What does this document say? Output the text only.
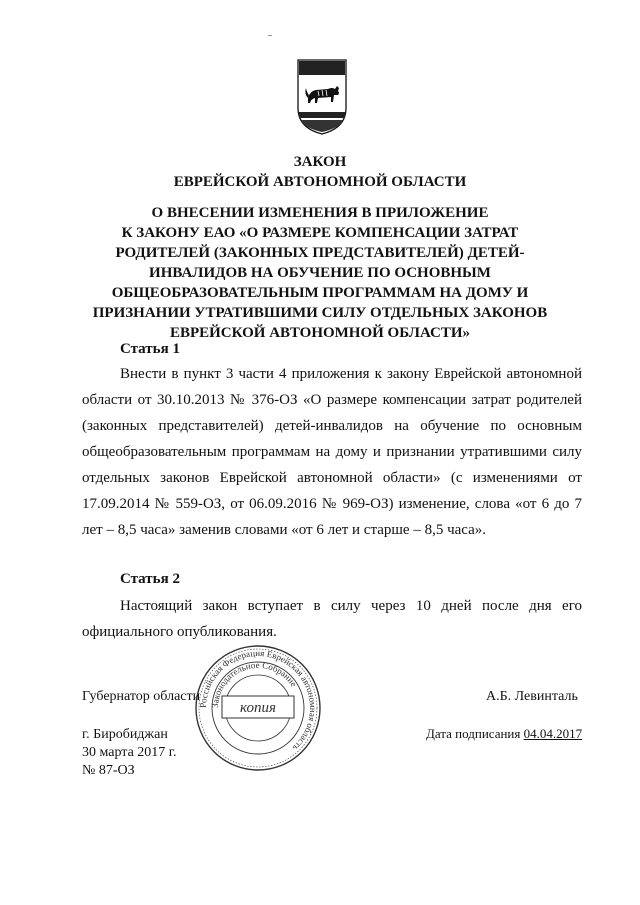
ЗАКОН
ЕВРЕЙСКОЙ АВТОНОМНОЙ ОБЛАСТИ
О ВНЕСЕНИИ ИЗМЕНЕНИЯ В ПРИЛОЖЕНИЕ
К ЗАКОНУ ЕАО «О РАЗМЕРЕ КОМПЕНСАЦИИ ЗАТРАТ
РОДИТЕЛЕЙ (ЗАКОННЫХ ПРЕДСТАВИТЕЛЕЙ) ДЕТЕЙ-
ИНВАЛИДОВ НА ОБУЧЕНИЕ ПО ОСНОВНЫМ
ОБЩЕОБРАЗОВАТЕЛЬНЫМ ПРОГРАММАМ НА ДОМУ И
ПРИЗНАНИИ УТРАТИВШИМИ СИЛУ ОТДЕЛЬНЫХ ЗАКОНОВ
ЕВРЕЙСКОЙ АВТОНОМНОЙ ОБЛАСТИ»
Статья 1
Внести в пункт 3 части 4 приложения к закону Еврейской автономной
области от 30.10.2013 № 376-ОЗ «О размере компенсации затрат родителей
(законных представителей) детей-инвалидов на обучение по основным
общеобразовательным программам на дому и признании утратившими силу
отдельных законов Еврейской автономной области» (с изменениями от
17.09.2014 № 559-ОЗ, от 06.09.2016 № 969-ОЗ) изменение, слова «от 6 до 7
лет – 8,5 часа» заменив словами «от 6 лет и старше – 8,5 часа».
Статья 2
Настоящий закон вступает в силу через 10 дней после дня его
официального опубликования.
Российская Федерация Еврейская автономная область
Законодательное Собрание
копия
Губернатор области	А.Б. Левинталь
г. Биробиджан
30 марта 2017 г.
№ 87-ОЗ
Дата подписания 04.04.2017
